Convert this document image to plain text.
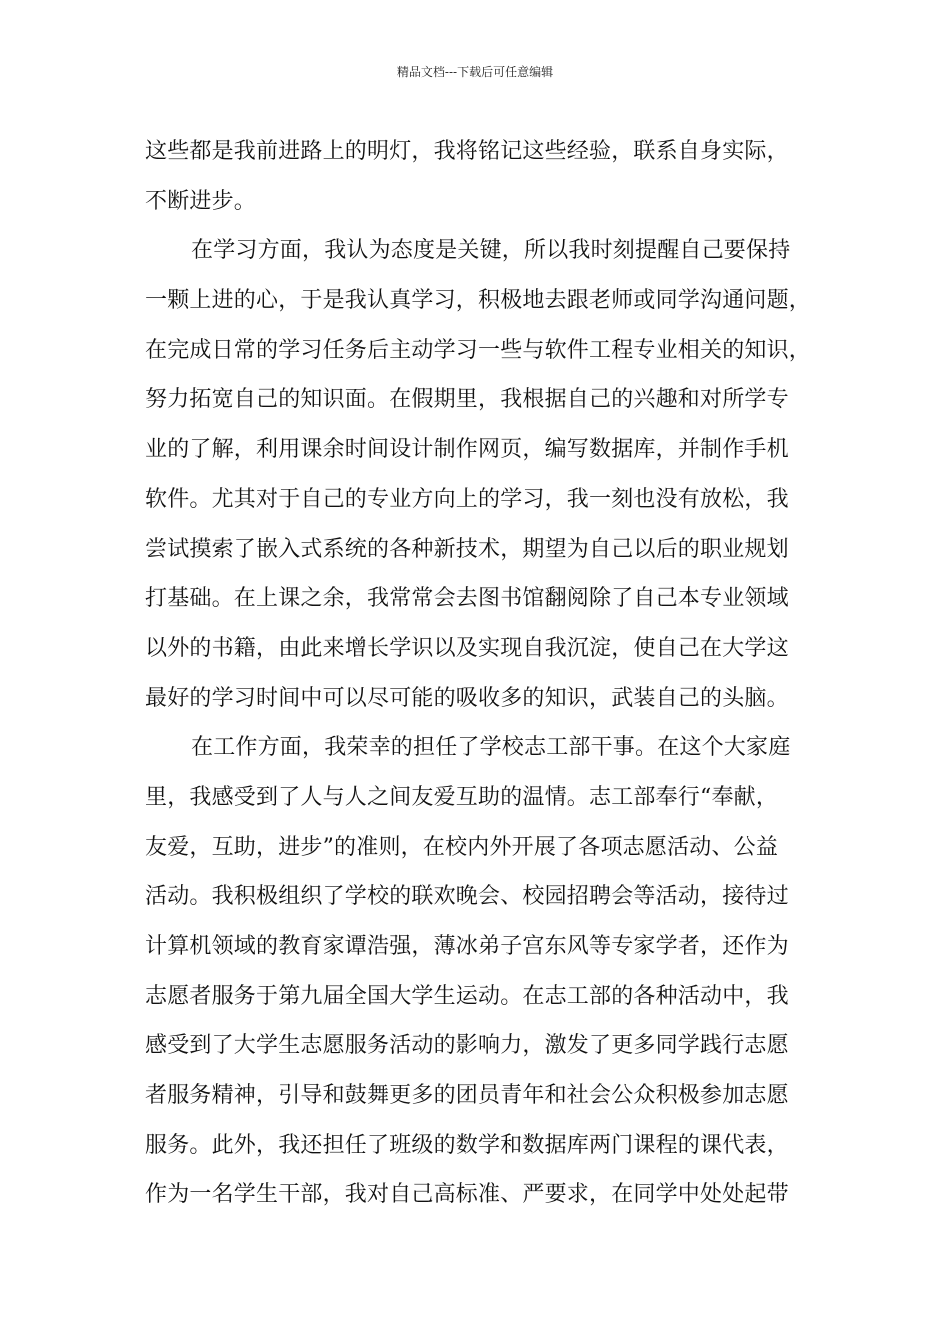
精品文档---下载后可任意编辑
这些都是我前进路上的明灯，我将铭记这些经验，联系自身实际，
不断进步。
在学习方面，我认为态度是关键，所以我时刻提醒自己要保持
一颗上进的心，于是我认真学习，积极地去跟老师或同学沟通问题，
在完成日常的学习任务后主动学习一些与软件工程专业相关的知识，
努力拓宽自己的知识面。在假期里，我根据自己的兴趣和对所学专
业的了解，利用课余时间设计制作网页，编写数据库，并制作手机
软件。尤其对于自己的专业方向上的学习，我一刻也没有放松，我
尝试摸索了嵌入式系统的各种新技术，期望为自己以后的职业规划
打基础。在上课之余，我常常会去图书馆翻阅除了自己本专业领域
以外的书籍，由此来增长学识以及实现自我沉淀，使自己在大学这
最好的学习时间中可以尽可能的吸收多的知识，武装自己的头脑。
在工作方面，我荣幸的担任了学校志工部干事。在这个大家庭
里，我感受到了人与人之间友爱互助的温情。志工部奉行“奉献，
友爱，互助，进步”的准则，在校内外开展了各项志愿活动、公益
活动。我积极组织了学校的联欢晚会、校园招聘会等活动，接待过
计算机领域的教育家谭浩强，薄冰弟子宫东风等专家学者，还作为
志愿者服务于第九届全国大学生运动。在志工部的各种活动中，我
感受到了大学生志愿服务活动的影响力，激发了更多同学践行志愿
者服务精神，引导和鼓舞更多的团员青年和社会公众积极参加志愿
服务。此外，我还担任了班级的数学和数据库两门课程的课代表，
作为一名学生干部，我对自己高标准、严要求，在同学中处处起带
